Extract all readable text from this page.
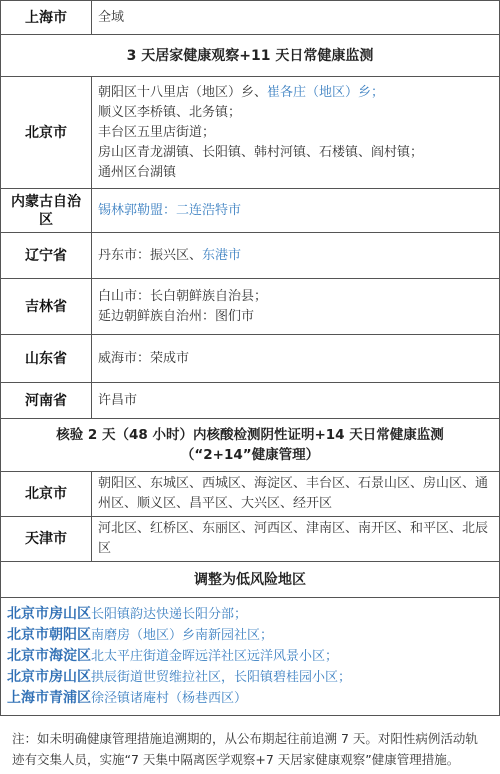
上海市	全域
3 天居家健康观察+11 天日常健康监测	
北京市	朝阳区十八里店（地区）乡、崔各庄（地区）乡；
顺义区李桥镇、北务镇；
丰台区五里店街道；
房山区青龙湖镇、长阳镇、韩村河镇、石楼镇、阎村镇；
通州区台湖镇

内蒙古自治区	锡林郭勒盟：二连浩特市
辽宁省	丹东市：振兴区、东港市
吉林省	白山市：长白朝鲜族自治县；
延边朝鲜族自治州：图们市

山东省	威海市：荣成市
河南省	许昌市

核验 2 天（48 小时）内核酸检测阴性证明+14 天日常健康监测
（“2+14”健康管理）	

北京市	朝阳区、东城区、西城区、海淀区、丰台区、石景山区、房山区、通州区、顺义区、昌平区、大兴区、经开区
天津市	河北区、红桥区、东丽区、河西区、津南区、南开区、和平区、北辰区
调整为低风险地区	

北京市房山区长阳镇韵达快递长阳分部；
北京市朝阳区南磨房（地区）乡南新园社区；
北京市海淀区北太平庄街道金晖远洋社区远洋风景小区；
北京市房山区拱辰街道世贸维拉社区，长阳镇碧桂园小区；
上海市青浦区徐泾镇诸庵村（杨巷西区）	
注：如未明确健康管理措施追溯期的，从公布期起往前追溯 7 天。对阳性病例活动轨迹有交集人员，实施“7 天集中隔离医学观察+7 天居家健康观察”健康管理措施。
